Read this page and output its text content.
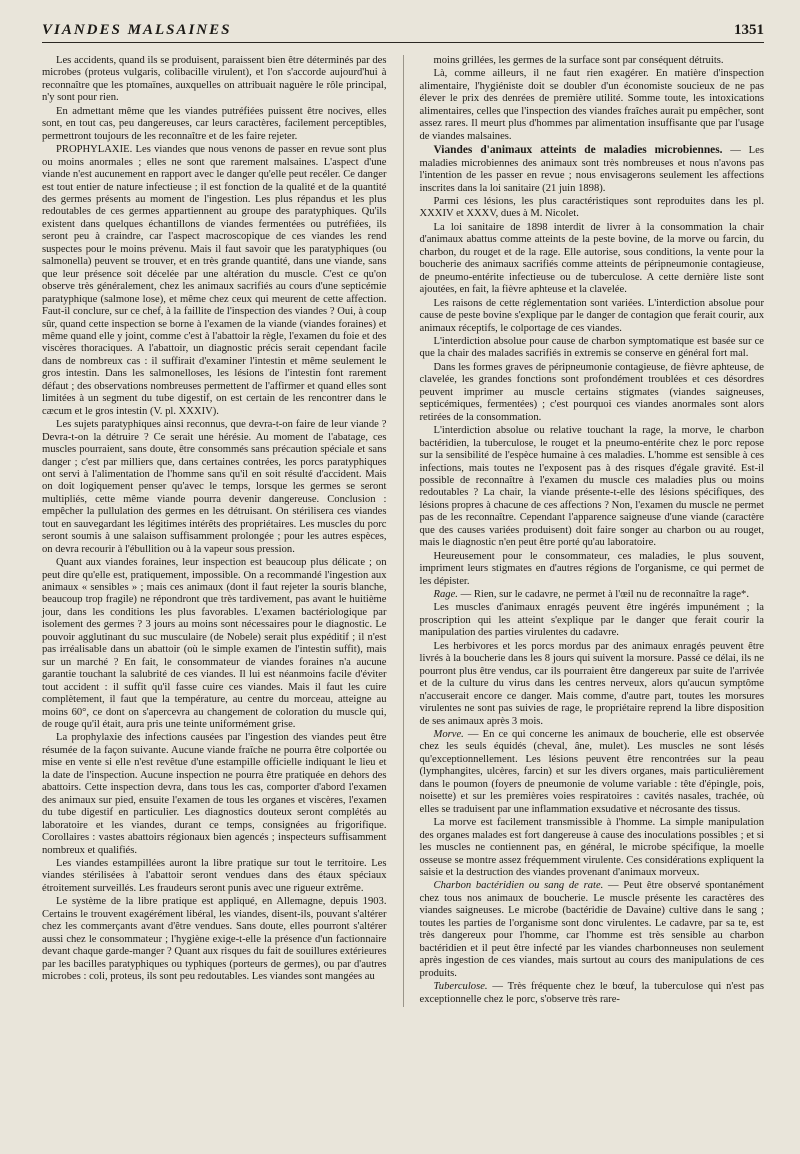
VIANDES MALSAINES	1351

Les accidents, quand ils se produisent, paraissent bien être déterminés par des microbes (proteus vulgaris, colibacille virulent), et l'on s'accorde aujourd'hui à reconnaître que les ptomaïnes, auxquelles on attribuait naguère le rôle principal, n'y sont pour rien.

En admettant même que les viandes putréfiées puissent être nocives, elles sont, en tout cas, peu dangereuses, car leurs caractères, facilement perceptibles, permettront toujours de les reconnaître et de les faire rejeter.

PROPHYLAXIE. Les viandes que nous venons de passer en revue sont plus ou moins anormales ; elles ne sont que rarement malsaines. L'aspect d'une viande n'est aucunement en rapport avec le danger qu'elle peut recéler. Ce danger est tout entier de nature infectieuse ; il est fonction de la qualité et de la quantité des germes présents au moment de l'ingestion. Les plus répandus et les plus redoutables de ces germes appartiennent au groupe des paratyphiques. Qu'ils existent dans quelques échantillons de viandes fermentées ou putréfiées, ils seront peu à craindre, car l'aspect macroscopique de ces viandes les rend suspectes pour le moins prévenu. Mais il faut savoir que les paratyphiques (ou salmonella) peuvent se trouver, et en très grande quantité, dans une viande, sans que leur présence soit décelée par une altération du muscle. C'est ce qu'on observe très généralement, chez les animaux sacrifiés au cours d'une septicémie paratyphique (salmone lose), et même chez ceux qui meurent de cette affection. Faut-il conclure, sur ce chef, à la faillite de l'inspection des viandes ? Oui, à coup sûr, quand cette inspection se borne à l'examen de la viande (viandes foraines) et même quand elle y joint, comme c'est à l'abattoir la règle, l'examen du foie et des viscères thoraciques. A l'abattoir, un diagnostic précis serait cependant facile dans de nombreux cas : il suffirait d'examiner l'intestin et même seulement le gros intestin. Dans les salmonelloses, les lésions de l'intestin font rarement défaut ; des observations nombreuses permettent de l'affirmer et quand elles sont limitées à un segment du tube digestif, on est certain de les rencontrer dans le cæcum et le gros intestin (V. pl. XXXIV).

Les sujets paratyphiques ainsi reconnus, que devra-t-on faire de leur viande ? Devra-t-on la détruire ? Ce serait une hérésie. Au moment de l'abatage, ces muscles pourraient, sans doute, être consommés sans précaution spéciale et sans danger ; c'est par milliers que, dans certaines contrées, les porcs paratyphiques ont servi à l'alimentation de l'homme sans qu'il en soit résulté d'accident. Mais on doit logiquement penser qu'avec le temps, lorsque les germes se seront multipliés, cette même viande pourra devenir dangereuse. Conclusion : empêcher la pullulation des germes en les détruisant. On stérilisera ces viandes tout en sauvegardant les légitimes intérêts des propriétaires. Les muscles du porc seront soumis à une salaison suffisamment prolongée ; pour les autres espèces, on devra recourir à l'ébullition ou à la vapeur sous pression.

Quant aux viandes foraines, leur inspection est beaucoup plus délicate ; on peut dire qu'elle est, pratiquement, impossible. On a recommandé l'ingestion aux animaux « sensibles » ; mais ces animaux (dont il faut rejeter la souris blanche, beaucoup trop fragile) ne répondront que très tardivement, pas avant le huitième jour, dans les conditions les plus favorables. L'examen bactériologique par isolement des germes ? 3 jours au moins sont nécessaires pour le diagnostic. Le pouvoir agglutinant du suc musculaire (de Nobele) serait plus expéditif ; il n'est pas irréalisable dans un abattoir (où le simple examen de l'intestin suffit), mais sur un marché ? En fait, le consommateur de viandes foraines n'a aucune garantie touchant la salubrité de ces viandes. Il lui est néanmoins facile d'éviter tout accident : il suffit qu'il fasse cuire ces viandes. Mais il faut les cuire complètement, il faut que la température, au centre du morceau, atteigne au moins 60°, ce dont on s'apercevra au changement de coloration du muscle qui, de rouge qu'il était, aura pris une teinte uniformément grise.

La prophylaxie des infections causées par l'ingestion des viandes peut être résumée de la façon suivante. Aucune viande fraîche ne pourra être colportée ou mise en vente si elle n'est revêtue d'une estampille officielle indiquant le lieu et la date de l'inspection. Aucune inspection ne pourra être pratiquée en dehors des abattoirs. Cette inspection devra, dans tous les cas, comporter d'abord l'examen des animaux sur pied, ensuite l'examen de tous les organes et viscères, l'examen du tube digestif en particulier. Les diagnostics douteux seront complétés au laboratoire et les viandes, durant ce temps, consignées au frigorifique. Corollaires : vastes abattoirs régionaux bien agencés ; inspecteurs suffisamment nombreux et qualifiés.

Les viandes estampillées auront la libre pratique sur tout le territoire. Les viandes stérilisées à l'abattoir seront vendues dans des étaux spéciaux étroitement surveillés. Les fraudeurs seront punis avec une rigueur extrême.

Le système de la libre pratique est appliqué, en Allemagne, depuis 1903. Certains le trouvent exagérément libéral, les viandes, disent-ils, pouvant s'altérer chez les commerçants avant d'être vendues. Sans doute, elles pourront s'altérer aussi chez le consommateur ; l'hygiène exige-t-elle la présence d'un factionnaire devant chaque garde-manger ? Quant aux risques du fait de souillures extérieures par les bacilles paratyphiques ou typhiques (porteurs de germes), ou par d'autres microbes : coli, proteus, ils sont peu redoutables. Les viandes sont mangées au

moins grillées, les germes de la surface sont par conséquent détruits.

Là, comme ailleurs, il ne faut rien exagérer. En matière d'inspection alimentaire, l'hygiéniste doit se doubler d'un économiste soucieux de ne pas élever le prix des denrées de première utilité. Somme toute, les intoxications alimentaires, celles que l'inspection des viandes fraîches aurait pu empêcher, sont assez rares. Il meurt plus d'hommes par alimentation insuffisante que par l'usage de viandes malsaines.

Viandes d'animaux atteints de maladies microbiennes. — Les maladies microbiennes des animaux sont très nombreuses et nous n'avons pas l'intention de les passer en revue ; nous envisagerons seulement les affections inscrites dans la loi sanitaire (21 juin 1898).

Parmi ces lésions, les plus caractéristiques sont reproduites dans les pl. XXXIV et XXXV, dues à M. Nicolet.

La loi sanitaire de 1898 interdit de livrer à la consommation la chair d'animaux abattus comme atteints de la peste bovine, de la morve ou farcin, du charbon, du rouget et de la rage. Elle autorise, sous conditions, la vente pour la boucherie des animaux sacrifiés comme atteints de péripneumonie contagieuse, de pneumo-entérite infectieuse ou de tuberculose. A cette dernière liste sont ajoutées, en fait, la fièvre aphteuse et la clavelée.

Les raisons de cette réglementation sont variées. L'interdiction absolue pour cause de peste bovine s'explique par le danger de contagion que ferait courir, aux animaux réceptifs, le colportage de ces viandes.

L'interdiction absolue pour cause de charbon symptomatique est basée sur ce que la chair des malades sacrifiés in extremis se conserve en général fort mal.

Dans les formes graves de péripneumonie contagieuse, de fièvre aphteuse, de clavelée, les grandes fonctions sont profondément troublées et ces désordres peuvent imprimer au muscle certains stigmates (viandes saigneuses, septicémiques, fermentées) ; c'est pourquoi ces viandes anormales sont alors retirées de la consommation.

L'interdiction absolue ou relative touchant la rage, la morve, le charbon bactéridien, la tuberculose, le rouget et la pneumo-entérite chez le porc repose sur la sensibilité de l'espèce humaine à ces maladies. L'homme est sensible à ces infections, mais toutes ne l'exposent pas à des risques d'égale gravité. Est-il possible de reconnaître à l'examen du muscle ces maladies plus ou moins redoutables ? La chair, la viande présente-t-elle des lésions spécifiques, des lésions propres à chacune de ces affections ? Non, l'examen du muscle ne permet pas de les reconnaître. Cependant l'apparence saigneuse d'une viande (caractère que des causes variées produisent) doit faire songer au charbon ou au rouget, mais le diagnostic n'en peut être porté qu'au laboratoire.

Heureusement pour le consommateur, ces maladies, le plus souvent, impriment leurs stigmates en d'autres régions de l'organisme, ce qui permet de les dépister.

Rage. — Rien, sur le cadavre, ne permet à l'œil nu de reconnaître la rage*.

Les muscles d'animaux enragés peuvent être ingérés impunément ; la proscription qui les atteint s'explique par le danger que ferait courir la manipulation des parties virulentes du cadavre.

Les herbivores et les porcs mordus par des animaux enragés peuvent être livrés à la boucherie dans les 8 jours qui suivent la morsure. Passé ce délai, ils ne pourront plus être vendus, car ils pourraient être dangereux par suite de l'arrivée et de la culture du virus dans les centres nerveux, alors qu'aucun symptôme n'accuserait encore ce danger. Mais comme, d'autre part, toutes les morsures virulentes ne sont pas suivies de rage, le propriétaire reprend la libre disposition de ses animaux après 3 mois.

Morve. — En ce qui concerne les animaux de boucherie, elle est observée chez les seuls équidés (cheval, âne, mulet). Les muscles ne sont lésés qu'exceptionnellement. Les lésions peuvent être rencontrées sur la peau (lymphangites, ulcères, farcin) et sur les divers organes, mais particulièrement dans le poumon (foyers de pneumonie de volume variable : tête d'épingle, pois, noisette) et sur les premières voies respiratoires : cavités nasales, trachée, où elles se traduisent par une inflammation exsudative et nécrosante des tissus.

La morve est facilement transmissible à l'homme. La simple manipulation des organes malades est fort dangereuse à cause des inoculations possibles ; et si les muscles ne contiennent pas, en général, le microbe spécifique, la moelle osseuse se montre assez fréquemment virulente. Ces considérations expliquent la saisie et la destruction des viandes provenant d'animaux morveux.

Charbon bactéridien ou sang de rate. — Peut être observé spontanément chez tous nos animaux de boucherie. Le muscle présente les caractères des viandes saigneuses. Le microbe (bactéridie de Davaine) cultive dans le sang ; toutes les parties de l'organisme sont donc virulentes. Le cadavre, par sa te, est très dangereux pour l'homme, car l'homme est très sensible au charbon bactéridien et il peut être infecté par les viandes charbonneuses non seulement après ingestion de ces viandes, mais surtout au cours des manipulations de ces produits.

Tuberculose. — Très fréquente chez le bœuf, la tuberculose qui n'est pas exceptionnelle chez le porc, s'observe très rare-
